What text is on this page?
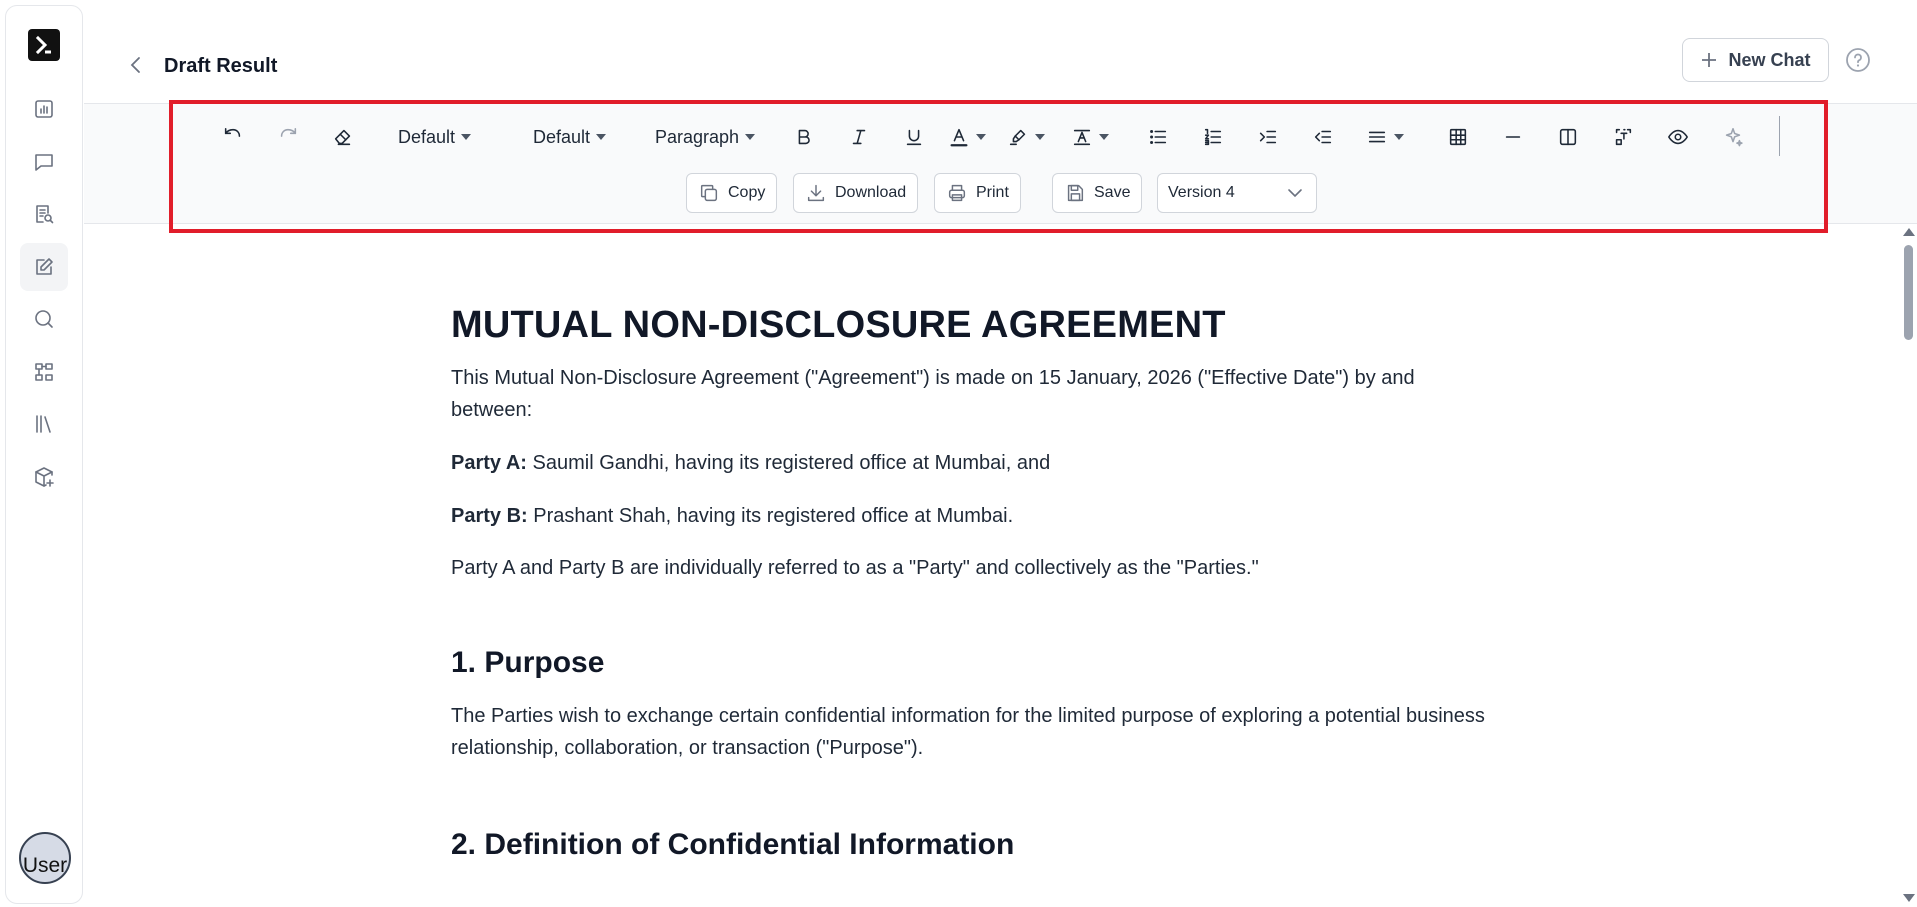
User
Draft Result	New Chat
Default	Default	Paragraph
Copy	Download	Print	Save Version 4
MUTUAL NON-DISCLOSURE AGREEMENT

This Mutual Non-Disclosure Agreement ("Agreement") is made on 15 January, 2026 ("Effective Date") by and between:

Party A: Saumil Gandhi, having its registered office at Mumbai, and

Party B: Prashant Shah, having its registered office at Mumbai.

Party A and Party B are individually referred to as a "Party" and collectively as the "Parties."

1. Purpose

The Parties wish to exchange certain confidential information for the limited purpose of exploring a potential business relationship, collaboration, or transaction ("Purpose").

2. Definition of Confidential Information
